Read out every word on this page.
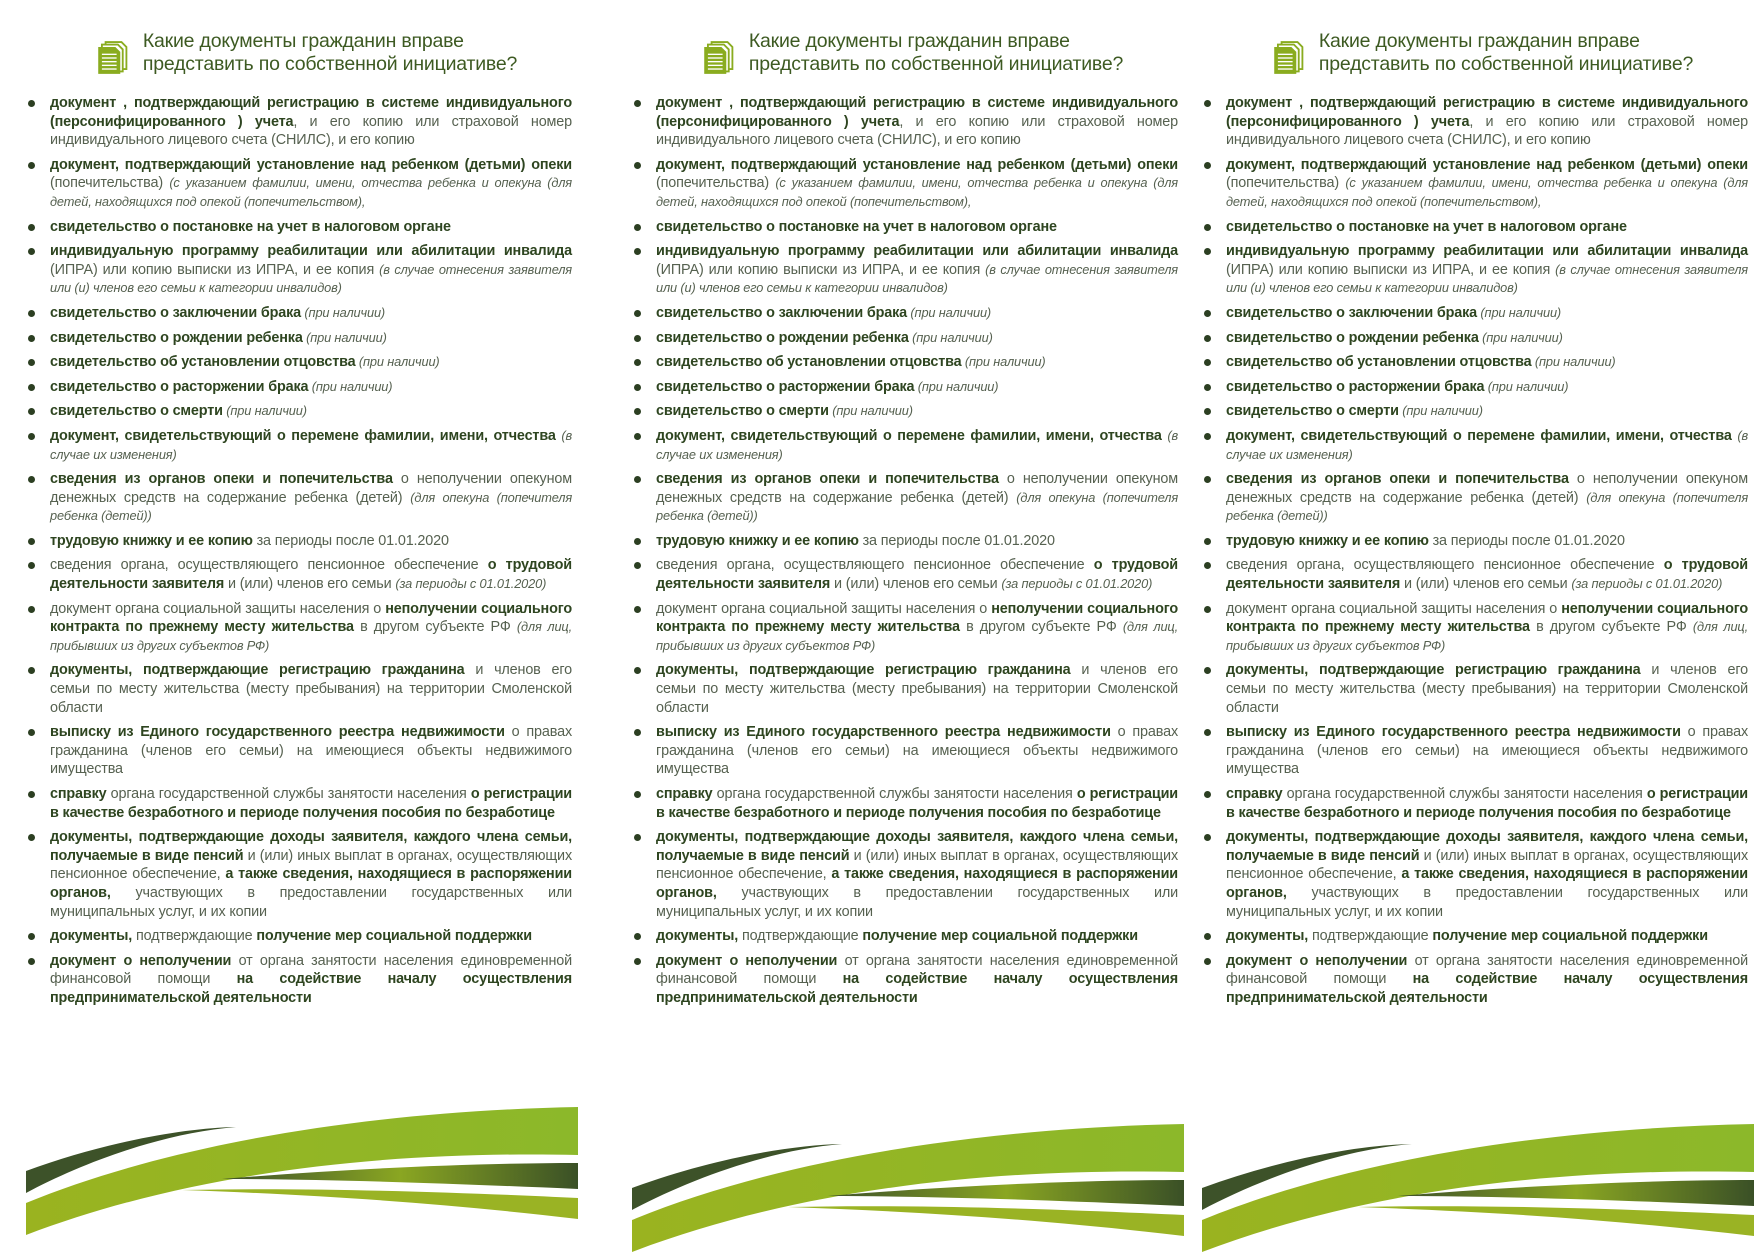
Какие документы гражданин вправе представить по собственной инициативе?
документ , подтверждающий регистрацию в системе индивидуального (персонифицированного ) учета, и его копию или страховой номер индивидуального лицевого счета (СНИЛС), и его копию
документ, подтверждающий установление над ребенком (детьми) опеки (попечительства) (с указанием фамилии, имени, отчества ребенка и опекуна (для детей, находящихся под опекой (попечительством),
свидетельство о постановке на учет в налоговом органе
индивидуальную программу реабилитации или абилитации инвалида (ИПРА) или копию выписки из ИПРА, и ее копия (в случае отнесения заявителя или (и) членов его семьи к категории инвалидов)
свидетельство о заключении брака (при наличии)
свидетельство о рождении ребенка (при наличии)
свидетельство об установлении отцовства (при наличии)
свидетельство о расторжении брака (при наличии)
свидетельство о смерти (при наличии)
документ, свидетельствующий о перемене фамилии, имени, отчества (в случае их изменения)
сведения из органов опеки и попечительства о неполучении опекуном денежных средств на содержание ребенка (детей) (для опекуна (попечителя ребенка (детей))
трудовую книжку и ее копию за периоды после 01.01.2020
сведения органа, осуществляющего пенсионное обеспечение о трудовой деятельности заявителя и (или) членов его семьи (за периоды с 01.01.2020)
документ органа социальной защиты населения о неполучении социального контракта по прежнему месту жительства в другом субъекте РФ (для лиц, прибывших из других субъектов РФ)
документы, подтверждающие регистрацию гражданина и членов его семьи по месту жительства (месту пребывания) на территории Смоленской области
выписку из Единого государственного реестра недвижимости о правах гражданина (членов его семьи) на имеющиеся объекты недвижимого имущества
справку органа государственной службы занятости населения о регистрации в качестве безработного и периоде получения пособия по безработице
документы, подтверждающие доходы заявителя, каждого члена семьи, получаемые в виде пенсий и (или) иных выплат в органах, осуществляющих пенсионное обеспечение, а также сведения, находящиеся в распоряжении органов, участвующих в предоставлении государственных или муниципальных услуг, и их копии
документы, подтверждающие получение мер социальной поддержки
документ о неполучении от органа занятости населения единовременной финансовой помощи на содействие началу осуществления предпринимательской деятельности
Какие документы гражданин вправе представить по собственной инициативе?
документ , подтверждающий регистрацию в системе индивидуального (персонифицированного ) учета, и его копию или страховой номер индивидуального лицевого счета (СНИЛС), и его копию
документ, подтверждающий установление над ребенком (детьми) опеки (попечительства) (с указанием фамилии, имени, отчества ребенка и опекуна (для детей, находящихся под опекой (попечительством),
свидетельство о постановке на учет в налоговом органе
индивидуальную программу реабилитации или абилитации инвалида (ИПРА) или копию выписки из ИПРА, и ее копия (в случае отнесения заявителя или (и) членов его семьи к категории инвалидов)
свидетельство о заключении брака (при наличии)
свидетельство о рождении ребенка (при наличии)
свидетельство об установлении отцовства (при наличии)
свидетельство о расторжении брака (при наличии)
свидетельство о смерти (при наличии)
документ, свидетельствующий о перемене фамилии, имени, отчества (в случае их изменения)
сведения из органов опеки и попечительства о неполучении опекуном денежных средств на содержание ребенка (детей) (для опекуна (попечителя ребенка (детей))
трудовую книжку и ее копию за периоды после 01.01.2020
сведения органа, осуществляющего пенсионное обеспечение о трудовой деятельности заявителя и (или) членов его семьи (за периоды с 01.01.2020)
документ органа социальной защиты населения о неполучении социального контракта по прежнему месту жительства в другом субъекте РФ (для лиц, прибывших из других субъектов РФ)
документы, подтверждающие регистрацию гражданина и членов его семьи по месту жительства (месту пребывания) на территории Смоленской области
выписку из Единого государственного реестра недвижимости о правах гражданина (членов его семьи) на имеющиеся объекты недвижимого имущества
справку органа государственной службы занятости населения о регистрации в качестве безработного и периоде получения пособия по безработице
документы, подтверждающие доходы заявителя, каждого члена семьи, получаемые в виде пенсий и (или) иных выплат в органах, осуществляющих пенсионное обеспечение, а также сведения, находящиеся в распоряжении органов, участвующих в предоставлении государственных или муниципальных услуг, и их копии
документы, подтверждающие получение мер социальной поддержки
документ о неполучении от органа занятости населения единовременной финансовой помощи на содействие началу осуществления предпринимательской деятельности
Какие документы гражданин вправе представить по собственной инициативе?
документ , подтверждающий регистрацию в системе индивидуального (персонифицированного ) учета, и его копию или страховой номер индивидуального лицевого счета (СНИЛС), и его копию
документ, подтверждающий установление над ребенком (детьми) опеки (попечительства) (с указанием фамилии, имени, отчества ребенка и опекуна (для детей, находящихся под опекой (попечительством),
свидетельство о постановке на учет в налоговом органе
индивидуальную программу реабилитации или абилитации инвалида (ИПРА) или копию выписки из ИПРА, и ее копия (в случае отнесения заявителя или (и) членов его семьи к категории инвалидов)
свидетельство о заключении брака (при наличии)
свидетельство о рождении ребенка (при наличии)
свидетельство об установлении отцовства (при наличии)
свидетельство о расторжении брака (при наличии)
свидетельство о смерти (при наличии)
документ, свидетельствующий о перемене фамилии, имени, отчества (в случае их изменения)
сведения из органов опеки и попечительства о неполучении опекуном денежных средств на содержание ребенка (детей) (для опекуна (попечителя ребенка (детей))
трудовую книжку и ее копию за периоды после 01.01.2020
сведения органа, осуществляющего пенсионное обеспечение о трудовой деятельности заявителя и (или) членов его семьи (за периоды с 01.01.2020)
документ органа социальной защиты населения о неполучении социального контракта по прежнему месту жительства в другом субъекте РФ (для лиц, прибывших из других субъектов РФ)
документы, подтверждающие регистрацию гражданина и членов его семьи по месту жительства (месту пребывания) на территории Смоленской области
выписку из Единого государственного реестра недвижимости о правах гражданина (членов его семьи) на имеющиеся объекты недвижимого имущества
справку органа государственной службы занятости населения о регистрации в качестве безработного и периоде получения пособия по безработице
документы, подтверждающие доходы заявителя, каждого члена семьи, получаемые в виде пенсий и (или) иных выплат в органах, осуществляющих пенсионное обеспечение, а также сведения, находящиеся в распоряжении органов, участвующих в предоставлении государственных или муниципальных услуг, и их копии
документы, подтверждающие получение мер социальной поддержки
документ о неполучении от органа занятости населения единовременной финансовой помощи на содействие началу осуществления предпринимательской деятельности
